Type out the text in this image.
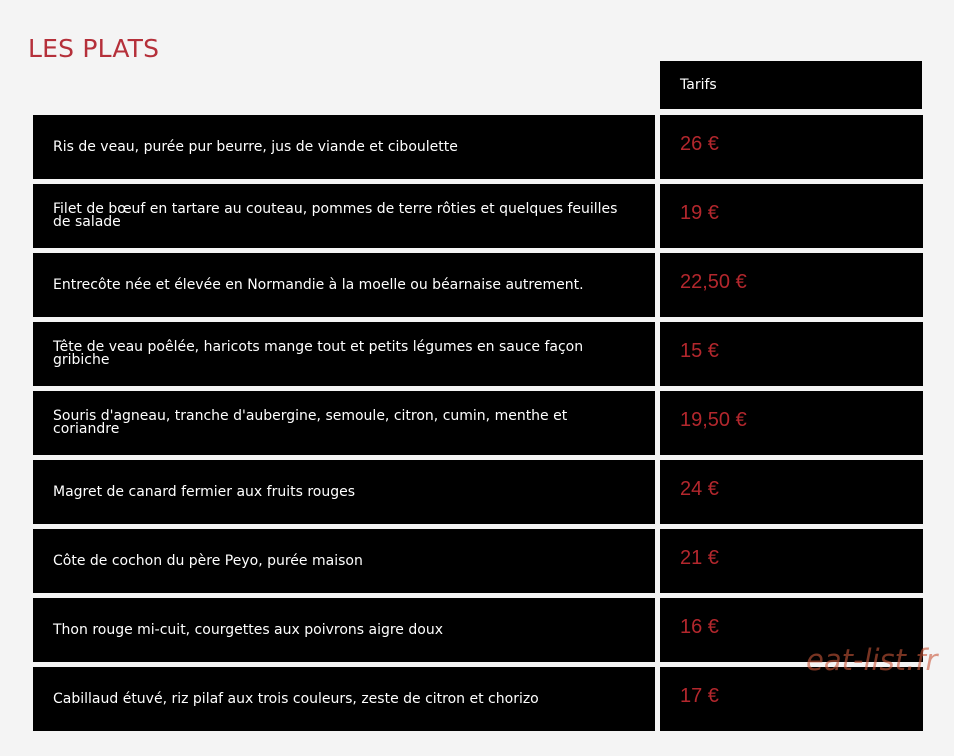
LES PLATS
Tarifs
Ris de veau, purée pur beurre, jus de viande et ciboulette	26 €
Filet de bœuf en tartare au couteau, pommes de terre rôties et quelques feuilles de salade	19 €
Entrecôte née et élevée en Normandie à la moelle ou béarnaise autrement.	22,50 €
Tête de veau poêlée, haricots mange tout et petits légumes en sauce façon gribiche	15 €
Souris d'agneau, tranche d'aubergine, semoule, citron, cumin, menthe et coriandre	19,50 €
Magret de canard fermier aux fruits rouges	24 €
Côte de cochon du père Peyo, purée maison	21 €
Thon rouge mi-cuit, courgettes aux poivrons aigre doux	16 €
Cabillaud étuvé, riz pilaf aux trois couleurs, zeste de citron et chorizo	17 €
eat-list.fr
